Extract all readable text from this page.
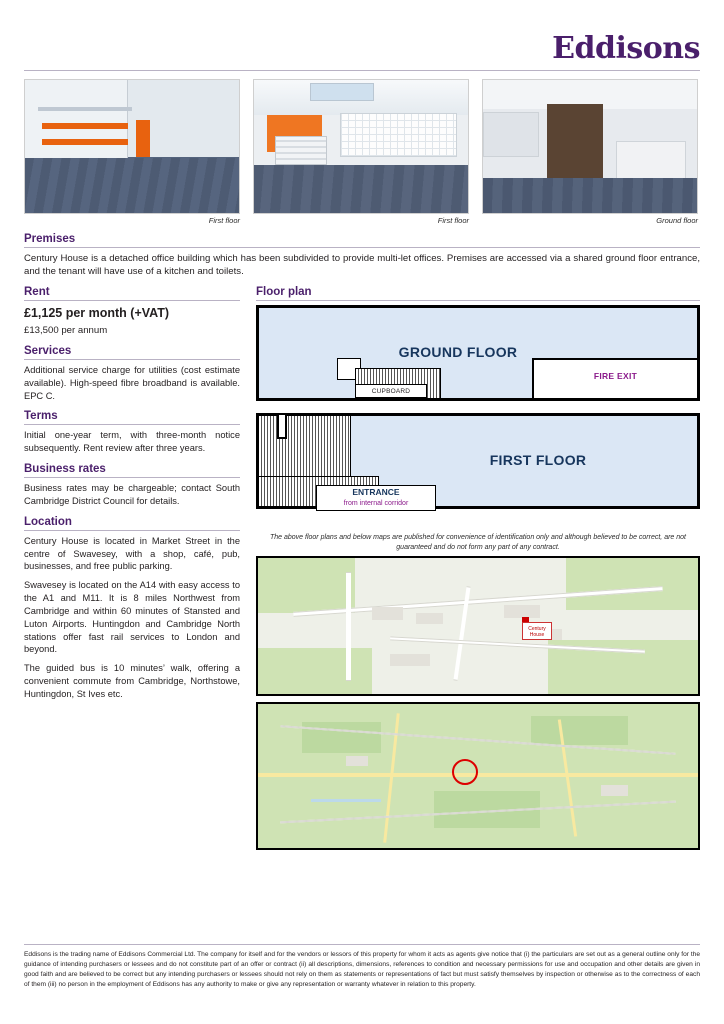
Eddisons
First floor	First floor	Ground floor
Premises

Century House is a detached office building which has been subdivided to provide multi-let offices. Premises are accessed via a shared ground floor entrance, and the tenant will have use of a kitchen and toilets.

Rent

£1,125 per month (+VAT)

£13,500 per annum

Services

Additional service charge for utilities (cost estimate available). High-speed fibre broadband is available. EPC C.

Terms

Initial one-year term, with three-month notice subsequently. Rent review after three years.

Business rates

Business rates may be chargeable; contact South Cambridge District Council for details.

Location

Century House is located in Market Street in the centre of Swavesey, with a shop, café, pub, businesses, and free public parking.

Swavesey is located on the A14 with easy access to the A1 and M11. It is 8 miles Northwest from Cambridge and within 60 minutes of Stansted and Luton Airports. Huntingdon and Cambridge North stations offer fast rail services to London and beyond.

The guided bus is 10 minutes’ walk, offering a convenient commute from Cambridge, Northstowe, Huntingdon, St Ives etc.

Floor plan
GROUND FLOOR
CUPBOARD
FIRE EXIT
FIRST FLOOR
ENTRANCE
from internal corridor
The above floor plans and below maps are published for convenience of identification only and although believed to be correct, are not guaranteed and do not form any part of any contract.
Century House

Eddisons is the trading name of Eddisons Commercial Ltd. The company for itself and for the vendors or lessors of this property for whom it acts as agents give notice that (i) the particulars are set out as a general outline only for the guidance of intending purchasers or lessees and do not constitute part of an offer or contract (ii) all descriptions, dimensions, references to condition and necessary permissions for use and occupation and other details are given in good faith and are believed to be correct but any intending purchasers or lessees should not rely on them as statements or representations of fact but must satisfy themselves by inspection or otherwise as to the correctness of each of them (iii) no person in the employment of Eddisons has any authority to make or give any representation or warranty whatever in relation to this property.
